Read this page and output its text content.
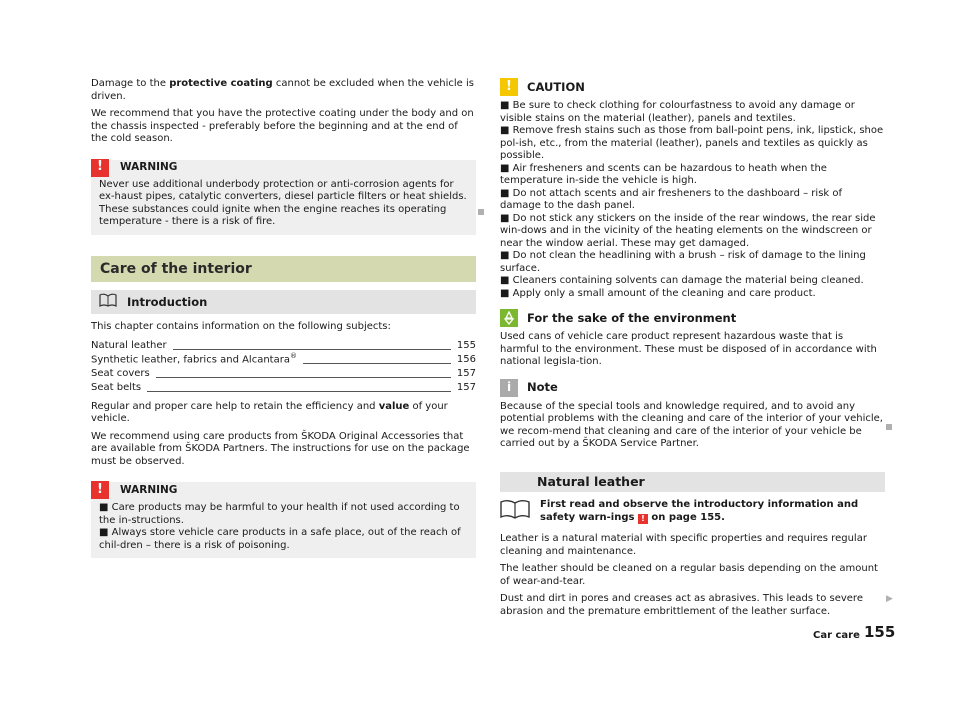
Damage to the protective coating cannot be excluded when the vehicle is driven.

We recommend that you have the protective coating under the body and on the chassis inspected - preferably before the beginning and at the end of the cold season.

!	WARNING

Never use additional underbody protection or anti-corrosion agents for ex-haust pipes, catalytic converters, diesel particle filters or heat shields. These substances could ignite when the engine reaches its operating temperature - there is a risk of fire.

Care of the interior
Introduction

This chapter contains information on the following subjects:

Natural leather	155
Synthetic leather, fabrics and Alcantara®	156
Seat covers	157
Seat belts	157

Regular and proper care help to retain the efficiency and value of your vehicle.

We recommend using care products from ŠKODA Original Accessories that are available from ŠKODA Partners. The instructions for use on the package must be observed.

!	WARNING

■ Care products may be harmful to your health if not used according to the in-structions.

■ Always store vehicle care products in a safe place, out of the reach of chil-dren – there is a risk of poisoning.

!	CAUTION

■ Be sure to check clothing for colourfastness to avoid any damage or visible stains on the material (leather), panels and textiles.

■ Remove fresh stains such as those from ball-point pens, ink, lipstick, shoe pol-ish, etc., from the material (leather), panels and textiles as quickly as possible.

■ Air fresheners and scents can be hazardous to heath when the temperature in-side the vehicle is high.

■ Do not attach scents and air fresheners to the dashboard – risk of damage to the dash panel.

■ Do not stick any stickers on the inside of the rear windows, the rear side win-dows and in the vicinity of the heating elements on the windscreen or near the window aerial. These may get damaged.

■ Do not clean the headlining with a brush – risk of damage to the lining surface.

■ Cleaners containing solvents can damage the material being cleaned.

■ Apply only a small amount of the cleaning and care product.

For the sake of the environment

Used cans of vehicle care product represent hazardous waste that is harmful to the environment. These must be disposed of in accordance with national legisla-tion.

i	Note

Because of the special tools and knowledge required, and to avoid any potential problems with the cleaning and care of the interior of your vehicle, we recom-mend that cleaning and care of the interior of your vehicle be carried out by a ŠKODA Service Partner.

Natural leather

First read and observe the introductory information and safety warn-ings ! on page 155.

Leather is a natural material with specific properties and requires regular cleaning and maintenance.

The leather should be cleaned on a regular basis depending on the amount of wear-and-tear.

Dust and dirt in pores and creases act as abrasives. This leads to severe abrasion and the premature embrittlement of the leather surface.

▶
Car care 155
